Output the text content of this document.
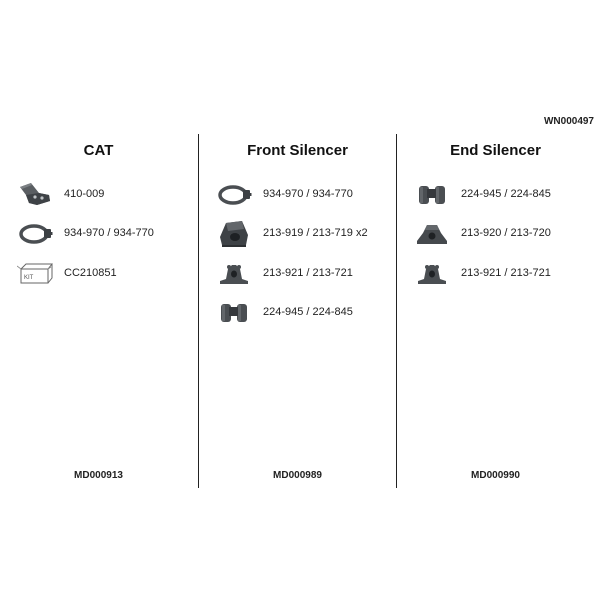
WN000497
CAT
410-009
934-970 / 934-770
KIT	CC210851
MD000913
Front Silencer
934-970 / 934-770
213-919 / 213-719 x2
213-921 / 213-721
224-945 / 224-845
MD000989
End Silencer
224-945 / 224-845
213-920 / 213-720
213-921 / 213-721
MD000990
